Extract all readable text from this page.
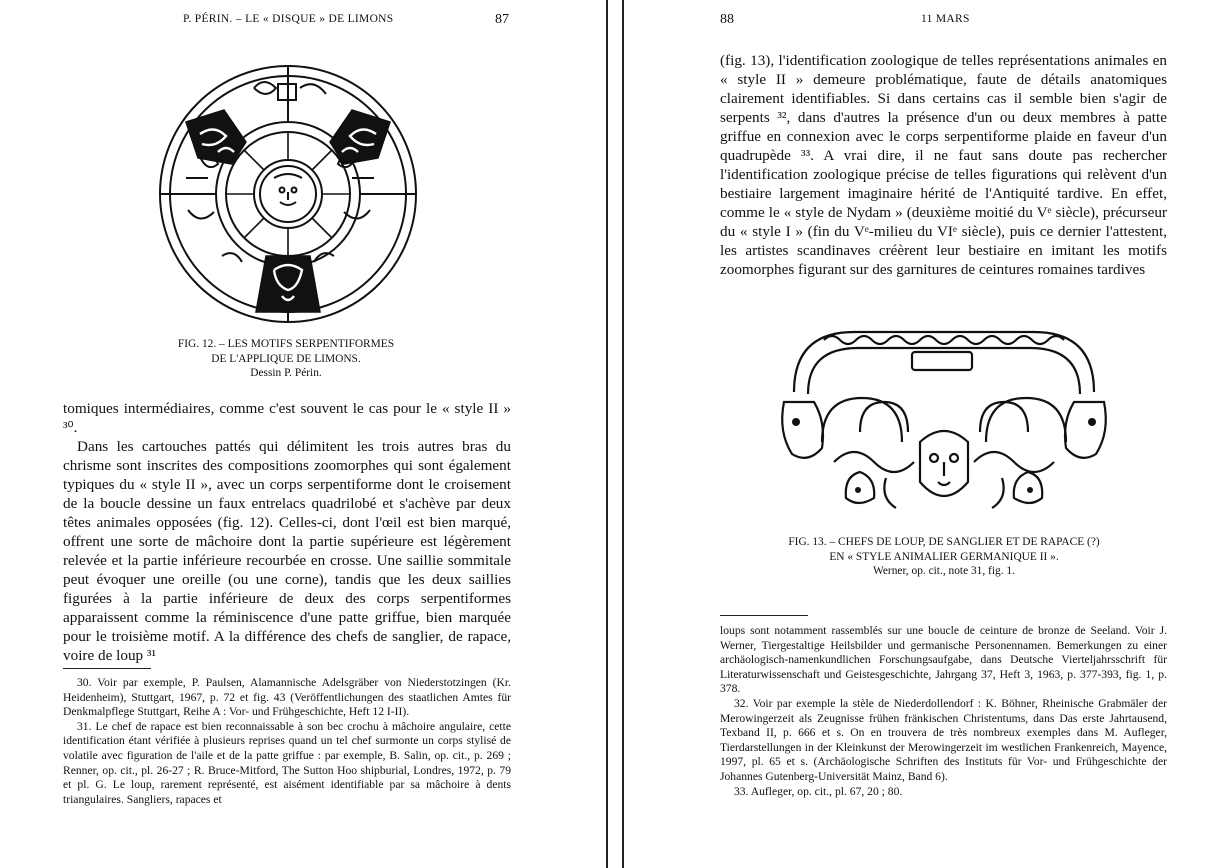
P. PÉRIN. – LE « DISQUE » DE LIMONS	87
FIG. 12. – LES MOTIFS SERPENTIFORMES
DE L'APPLIQUE DE LIMONS.
Dessin P. Périn.

tomiques intermédiaires, comme c'est souvent le cas pour le « style II » ³⁰.

Dans les cartouches pattés qui délimitent les trois autres bras du chrisme sont inscrites des compositions zoomorphes qui sont également typiques du « style II », avec un corps serpentiforme dont le croisement de la boucle dessine un faux entrelacs quadrilobé et s'achève par deux têtes animales opposées (fig. 12). Celles-ci, dont l'œil est bien marqué, offrent une sorte de mâchoire dont la partie supérieure est légèrement relevée et la partie inférieure recourbée en crosse. Une saillie sommitale peut évoquer une oreille (ou une corne), tandis que les deux saillies figurées à la partie inférieure de deux des corps serpentiformes apparaissent comme la réminiscence d'une patte griffue, bien marquée pour le troisième motif. A la différence des chefs de sanglier, de rapace, voire de loup ³¹

30. Voir par exemple, P. Paulsen, Alamannische Adelsgräber von Niederstotzingen (Kr. Heidenheim), Stuttgart, 1967, p. 72 et fig. 43 (Veröffentlichungen des staatlichen Amtes für Denkmalpflege Stuttgart, Reihe A : Vor- und Frühgeschichte, Heft 12 I-II).

31. Le chef de rapace est bien reconnaissable à son bec crochu à mâchoire angulaire, cette identification étant vérifiée à plusieurs reprises quand un tel chef surmonte un corps stylisé de volatile avec figuration de l'aile et de la patte griffue : par exemple, B. Salin, op. cit., p. 269 ; Renner, op. cit., pl. 26-27 ; R. Bruce-Mitford, The Sutton Hoo shipburial, Londres, 1972, p. 79 et pl. G. Le loup, rarement représenté, est aisément identifiable par sa mâchoire à dents triangulaires. Sangliers, rapaces et

88	11 MARS

(fig. 13), l'identification zoologique de telles représentations animales en « style II » demeure problématique, faute de détails anatomiques clairement identifiables. Si dans certains cas il semble bien s'agir de serpents ³², dans d'autres la présence d'un ou deux membres à patte griffue en connexion avec le corps serpentiforme plaide en faveur d'un quadrupède ³³. A vrai dire, il ne faut sans doute pas rechercher l'identification zoologique précise de telles figurations qui relèvent d'un bestiaire largement imaginaire hérité de l'Antiquité tardive. En effet, comme le « style de Nydam » (deuxième moitié du Vᵉ siècle), précurseur du « style I » (fin du Vᵉ-milieu du VIᵉ siècle), puis ce dernier l'attestent, les artistes scandinaves créèrent leur bestiaire en imitant les motifs zoomorphes figurant sur des garnitures de ceintures romaines tardives

FIG. 13. – CHEFS DE LOUP, DE SANGLIER ET DE RAPACE (?)
EN « STYLE ANIMALIER GERMANIQUE II ».
Werner, op. cit., note 31, fig. 1.

loups sont notamment rassemblés sur une boucle de ceinture de bronze de Seeland. Voir J. Werner, Tiergestaltige Heilsbilder und germanische Personennamen. Bemerkungen zu einer archäologisch-namenkundlichen Forschungsaufgabe, dans Deutsche Vierteljahrsschrift für Literaturwissenschaft und Geistesgeschichte, Jahrgang 37, Heft 3, 1963, p. 377-393, fig. 1, p. 378.

32. Voir par exemple la stèle de Niederdollendorf : K. Böhner, Rheinische Grabmäler der Merowingerzeit als Zeugnisse frühen fränkischen Christentums, dans Das erste Jahrtausend, Texband II, p. 666 et s. On en trouvera de très nombreux exemples dans M. Aufleger, Tierdarstellungen in der Kleinkunst der Merowingerzeit im westlichen Frankenreich, Mayence, 1997, pl. 65 et s. (Archäologische Schriften des Instituts für Vor- und Frühgeschichte der Johannes Gutenberg-Universität Mainz, Band 6).

33. Aufleger, op. cit., pl. 67, 20 ; 80.
